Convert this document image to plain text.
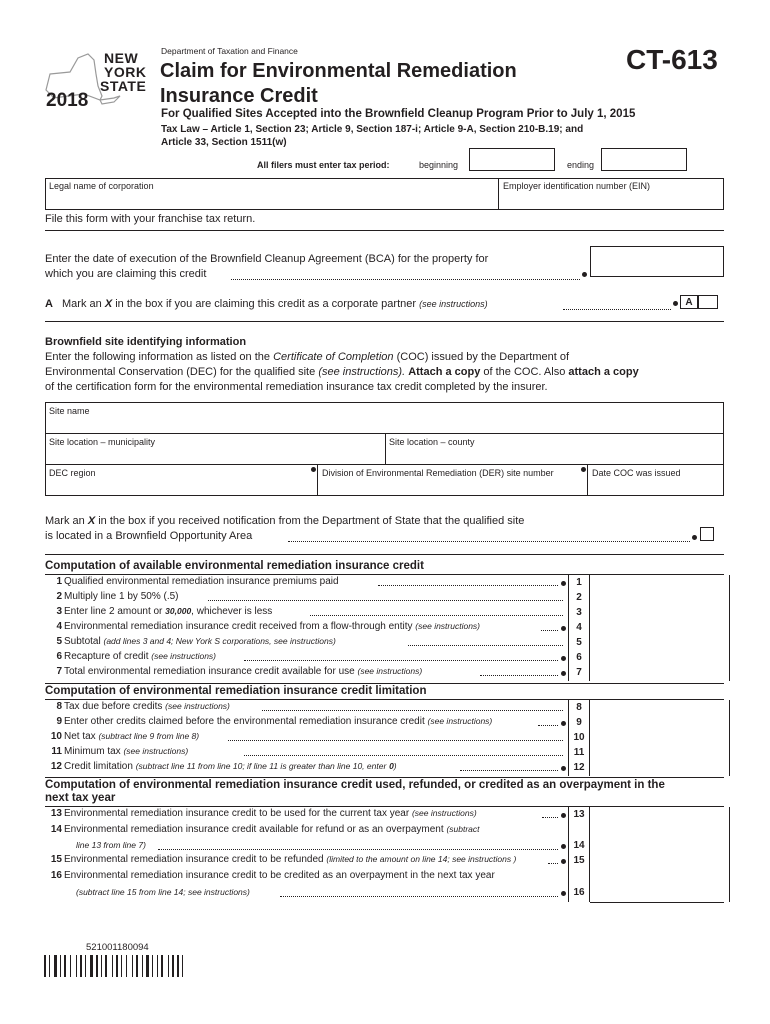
NEW
YORK
STATE
2018
Department of Taxation and Finance
Claim for Environmental Remediation
Insurance Credit
CT-613
For Qualified Sites Accepted into the Brownfield Cleanup Program Prior to July 1, 2015
Tax Law – Article 1, Section 23; Article 9, Section 187-i; Article 9-A, Section 210-B.19; and
Article 33, Section 1511(w)
All filers must enter tax period:	beginning	ending
Legal name of corporation	Employer identification number (EIN)
File this form with your franchise tax return.
Enter the date of execution of the Brownfield Cleanup Agreement (BCA) for the property for
which you are claiming this credit
A Mark an X in the box if you are claiming this credit as a corporate partner (see instructions)	A
Brownfield site identifying information
Enter the following information as listed on the Certificate of Completion (COC) issued by the Department of
Environmental Conservation (DEC) for the qualified site (see instructions). Attach a copy of the COC. Also attach a copy
of the certification form for the environmental remediation insurance tax credit completed by the insurer.
Site name
Site location – municipality	Site location – county
DEC region	Division of Environmental Remediation (DER) site number	Date COC was issued
Mark an X in the box if you received notification from the Department of State that the qualified site
is located in a Brownfield Opportunity Area
Computation of available environmental remediation insurance credit
1 Qualified environmental remediation insurance premiums paid	1
2 Multiply line 1 by 50% (.5)	2
3 Enter line 2 amount or 30,000, whichever is less	3
4 Environmental remediation insurance credit received from a flow-through entity (see instructions)	4
5 Subtotal (add lines 3 and 4; New York S corporations, see instructions)	5
6 Recapture of credit (see instructions)	6
7 Total environmental remediation insurance credit available for use (see instructions)	7
Computation of environmental remediation insurance credit limitation
8 Tax due before credits (see instructions)	8
9 Enter other credits claimed before the environmental remediation insurance credit (see instructions)	9
10 Net tax (subtract line 9 from line 8)	10
11 Minimum tax (see instructions)	11
12 Credit limitation (subtract line 11 from line 10; if line 11 is greater than line 10, enter 0)	12
Computation of environmental remediation insurance credit used, refunded, or credited as an overpayment in the
next tax year
13 Environmental remediation insurance credit to be used for the current tax year (see instructions)	13
14 Environmental remediation insurance credit available for refund or as an overpayment (subtract
line 13 from line 7)	14
15 Environmental remediation insurance credit to be refunded (limited to the amount on line 14; see instructions )	15
16 Environmental remediation insurance credit to be credited as an overpayment in the next tax year
(subtract line 15 from line 14; see instructions)	16
521001180094
